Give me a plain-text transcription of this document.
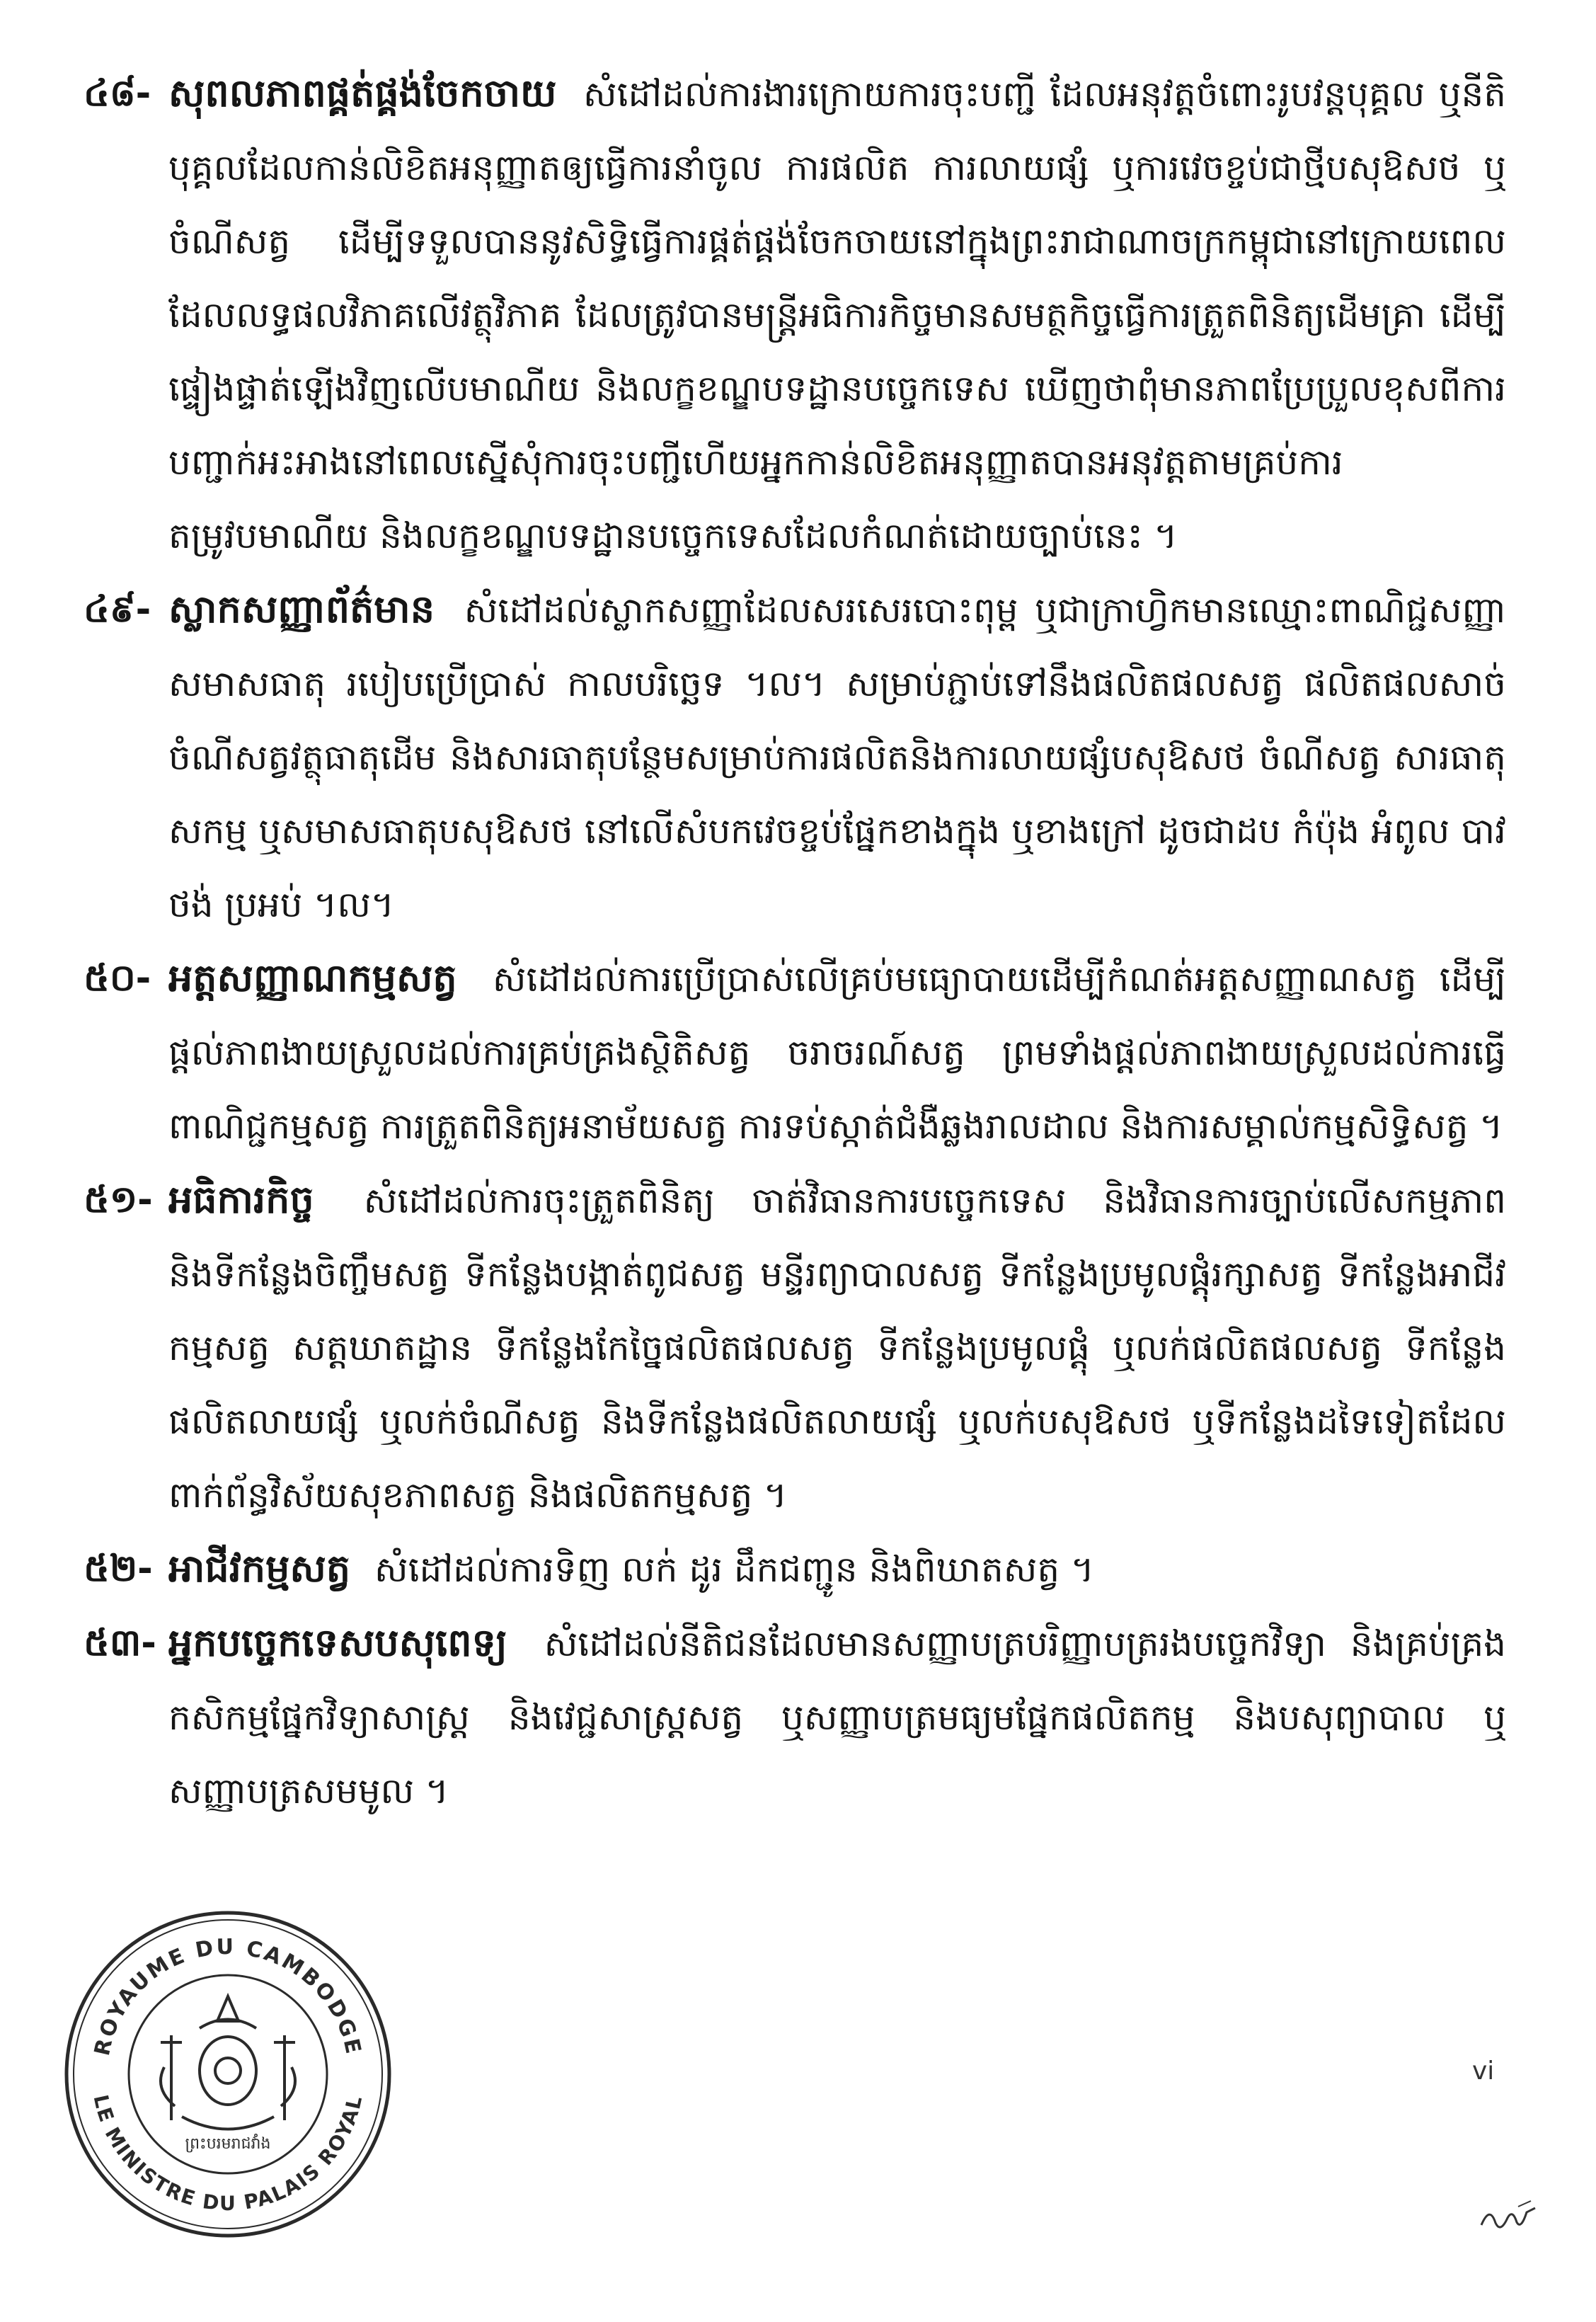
៤៨- សុពលភាពផ្គត់ផ្គង់ចែកចាយ សំដៅដល់ការងារក្រោយការចុះបញ្ជី ដែលអនុវត្តចំពោះរូបវន្តបុគ្គល ឬនីតិបុគ្គលដែលកាន់លិខិតអនុញ្ញាតឲ្យធ្វើការនាំចូល ការផលិត ការលាយផ្សំ ឬការវេចខ្ចប់ជាថ្មីបសុឱសថ ឬចំណីសត្វ ដើម្បីទទួលបាននូវសិទ្ធិធ្វើការផ្គត់ផ្គង់ចែកចាយនៅក្នុងព្រះរាជាណាចក្រកម្ពុជានៅក្រោយពេលដែលលទ្ធផលវិភាគលើវត្ថុវិភាគ ដែលត្រូវបានមន្ត្រីអធិការកិច្ចមានសមត្ថកិច្ចធ្វើការត្រួតពិនិត្យដើមគ្រា ដើម្បីផ្ទៀងផ្ទាត់ឡើងវិញលើបមាណីយ និងលក្ខខណ្ឌបទដ្ឋានបច្ចេកទេស ឃើញថាពុំមានភាពប្រែប្រួលខុសពីការបញ្ជាក់អះអាងនៅពេលស្នើសុំការចុះបញ្ជីហើយអ្នកកាន់លិខិតអនុញ្ញាតបានអនុវត្តតាមគ្រប់ការតម្រូវបមាណីយ និងលក្ខខណ្ឌបទដ្ឋានបច្ចេកទេសដែលកំណត់ដោយច្បាប់នេះ ។
៤៩- ស្លាកសញ្ញាព័ត៌មាន សំដៅដល់ស្លាកសញ្ញាដែលសរសេរបោះពុម្ព ឬជាក្រាហ្វិកមានឈ្មោះពាណិជ្ជសញ្ញា សមាសធាតុ របៀបប្រើប្រាស់ កាលបរិច្ឆេទ ។ល។ សម្រាប់ភ្ជាប់ទៅនឹងផលិតផលសត្វ ផលិតផលសាច់ចំណីសត្វវត្ថុធាតុដើម និងសារធាតុបន្ថែមសម្រាប់ការផលិតនិងការលាយផ្សំបសុឱសថ ចំណីសត្វ សារធាតុសកម្ម ឬសមាសធាតុបសុឱសថ នៅលើសំបកវេចខ្ចប់ផ្នែកខាងក្នុង ឬខាងក្រៅ ដូចជាដប កំប៉ុង អំពូល បាវ ថង់ ប្រអប់ ។ល។
៥០- អត្តសញ្ញាណកម្មសត្វ សំដៅដល់ការប្រើប្រាស់លើគ្រប់មធ្យោបាយដើម្បីកំណត់អត្តសញ្ញាណសត្វ ដើម្បីផ្តល់ភាពងាយស្រួលដល់ការគ្រប់គ្រងស្ថិតិសត្វ ចរាចរណ៍សត្វ ព្រមទាំងផ្តល់ភាពងាយស្រួលដល់ការធ្វើពាណិជ្ជកម្មសត្វ ការត្រួតពិនិត្យអនាម័យសត្វ ការទប់ស្កាត់ជំងឺឆ្លងរាលដាល និងការសម្គាល់កម្មសិទ្ធិសត្វ ។
៥១- អធិការកិច្ច សំដៅដល់ការចុះត្រួតពិនិត្យ ចាត់វិធានការបច្ចេកទេស និងវិធានការច្បាប់លើសកម្មភាព និងទីកន្លែងចិញ្ចឹមសត្វ ទីកន្លែងបង្កាត់ពូជសត្វ មន្ទីរព្យាបាលសត្វ ទីកន្លែងប្រមូលផ្តុំរក្សាសត្វ ទីកន្លែងអាជីវកម្មសត្វ សត្តឃាតដ្ឋាន ទីកន្លែងកែច្នៃផលិតផលសត្វ ទីកន្លែងប្រមូលផ្តុំ ឬលក់ផលិតផលសត្វ ទីកន្លែងផលិតលាយផ្សំ ឬលក់ចំណីសត្វ និងទីកន្លែងផលិតលាយផ្សំ ឬលក់បសុឱសថ ឬទីកន្លែងដទៃទៀតដែលពាក់ព័ន្ធវិស័យសុខភាពសត្វ និងផលិតកម្មសត្វ ។
៥២- អាជីវកម្មសត្វ សំដៅដល់ការទិញ លក់ ដូរ ដឹកជញ្ជូន និងពិឃាតសត្វ ។
៥៣- អ្នកបច្ចេកទេសបសុពេទ្យ សំដៅដល់នីតិជនដែលមានសញ្ញាបត្របរិញ្ញាបត្ររងបច្ចេកវិទ្យា និងគ្រប់គ្រងកសិកម្មផ្នែកវិទ្យាសាស្ត្រ និងវេជ្ជសាស្ត្រសត្វ ឬសញ្ញាបត្រមធ្យមផ្នែកផលិតកម្ម និងបសុព្យាបាល ឬសញ្ញាបត្រសមមូល ។
ROYAUME DU CAMBODGE
LE MINISTRE DU PALAIS ROYAL
ព្រះបរមរាជវាំង
vi
